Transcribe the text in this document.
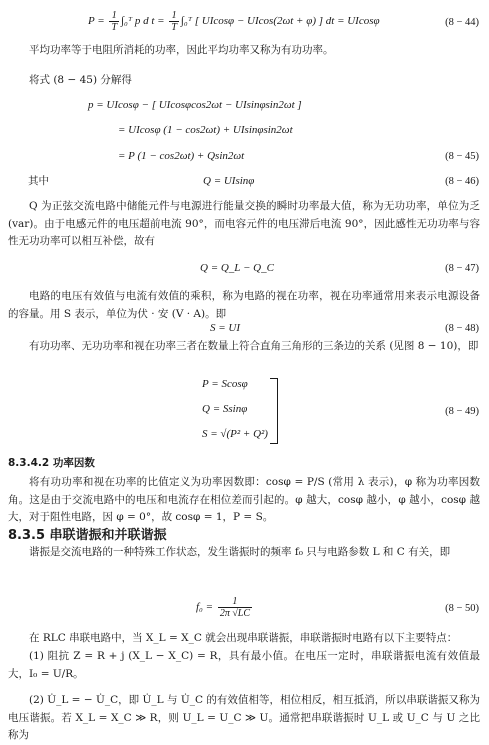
$P = \frac{1}{T}$ ∫₀ᵀ p d $t = \frac{1}{T}$ ∫₀ᵀ [ UIcosφ − UIcos(2ωt + φ) ] dt = UIcosφ	(8 − 44)
平均功率等于电阻所消耗的功率，因此平均功率又称为有功功率。
将式 (8 − 45) 分解得
p = UIcosφ − [ UIcosφcos2ωt − UIsinφsin2ωt ]
= UIcosφ (1 − cos2ωt) + UIsinφsin2ωt
= P (1 − cos2ωt) + Qsin2ωt	(8 − 45)
其中	Q = UIsinφ	(8 − 46)
Q 为正弦交流电路中储能元件与电源进行能量交换的瞬时功率最大值，称为无功功率，单位为乏 (var)。由于电感元件的电压超前电流 90°，而电容元件的电压滞后电流 90°，因此感性无功功率与容性无功功率可以相互补偿，故有
Q = Q_L − Q_C	(8 − 47)
电路的电压有效值与电流有效值的乘积，称为电路的视在功率，视在功率通常用来表示电源设备的容量。用 S 表示，单位为伏 · 安 (V · A)。即
S = UI	(8 − 48)
有功功率、无功功率和视在功率三者在数量上符合直角三角形的三条边的关系 (见图 8 − 10)，即
P = Scosφ
Q = Ssinφ
S = √(P² + Q²)
(8 − 49)
8.3.4.2 功率因数
将有功功率和视在功率的比值定义为功率因数即：cosφ = P/S (常用 λ 表示)，φ 称为功率因数角。这是由于交流电路中的电压和电流存在相位差而引起的。φ 越大，cosφ 越小，φ 越小，cosφ 越大，对于阻性电路，因 φ = 0°，故 cosφ = 1，P = S。
8.3.5 串联谐振和并联谐振
谐振是交流电路的一种特殊工作状态，发生谐振时的频率 f₀ 只与电路参数 L 和 C 有关，即
$f_0 = \frac{1}{2\pi √LC}$	(8 − 50)
在 RLC 串联电路中，当 X_L = X_C 就会出现串联谐振，串联谐振时电路有以下主要特点：
(1) 阻抗 Z = R + j (X_L − X_C) = R，具有最小值。在电压一定时，串联谐振电流有效值最大，I₀ = U/R。
(2) U̇_L = − U̇_C，即 U̇_L 与 U̇_C 的有效值相等，相位相反，相互抵消，所以串联谐振又称为电压谐振。若 X_L = X_C ≫ R，则 U_L = U_C ≫ U。通常把串联谐振时 U_L 或 U_C 与 U 之比称为
